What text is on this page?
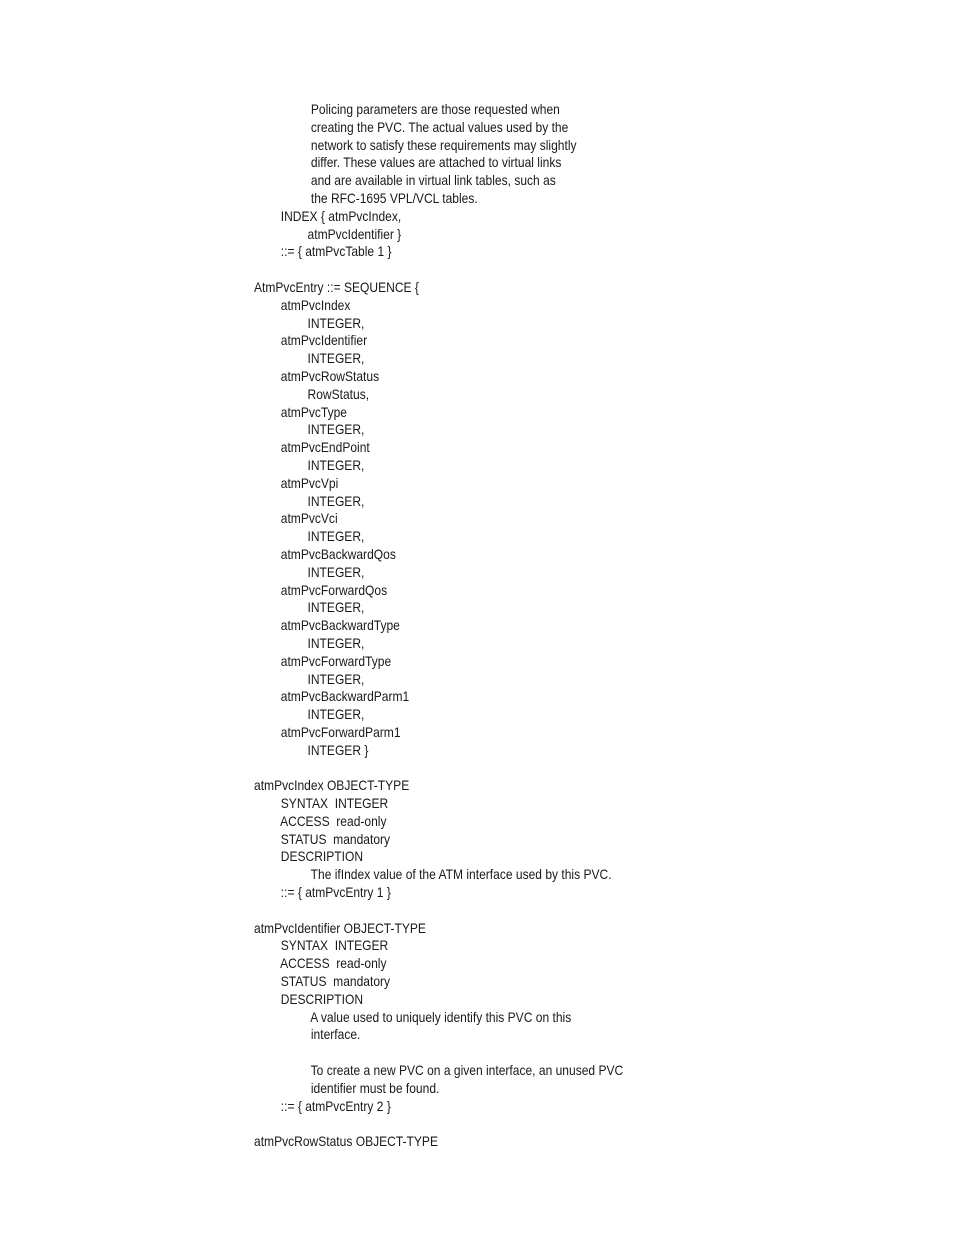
Policing parameters are those requested when
creating the PVC. The actual values used by the
network to satisfy these requirements may slightly
differ. These values are attached to virtual links
and are available in virtual link tables, such as
the RFC-1695 VPL/VCL tables.
INDEX { atmPvcIndex,
atmPvcIdentifier }
::= { atmPvcTable 1 }
AtmPvcEntry ::= SEQUENCE {
atmPvcIndex
INTEGER,
atmPvcIdentifier
INTEGER,
atmPvcRowStatus
RowStatus,
atmPvcType
INTEGER,
atmPvcEndPoint
INTEGER,
atmPvcVpi
INTEGER,
atmPvcVci
INTEGER,
atmPvcBackwardQos
INTEGER,
atmPvcForwardQos
INTEGER,
atmPvcBackwardType
INTEGER,
atmPvcForwardType
INTEGER,
atmPvcBackwardParm1
INTEGER,
atmPvcForwardParm1
INTEGER }
atmPvcIndex OBJECT-TYPE
SYNTAX  INTEGER
ACCESS  read-only
STATUS  mandatory
DESCRIPTION
The ifIndex value of the ATM interface used by this PVC.
::= { atmPvcEntry 1 }
atmPvcIdentifier OBJECT-TYPE
SYNTAX  INTEGER
ACCESS  read-only
STATUS  mandatory
DESCRIPTION
A value used to uniquely identify this PVC on this
interface.
To create a new PVC on a given interface, an unused PVC
identifier must be found.
::= { atmPvcEntry 2 }
atmPvcRowStatus OBJECT-TYPE
